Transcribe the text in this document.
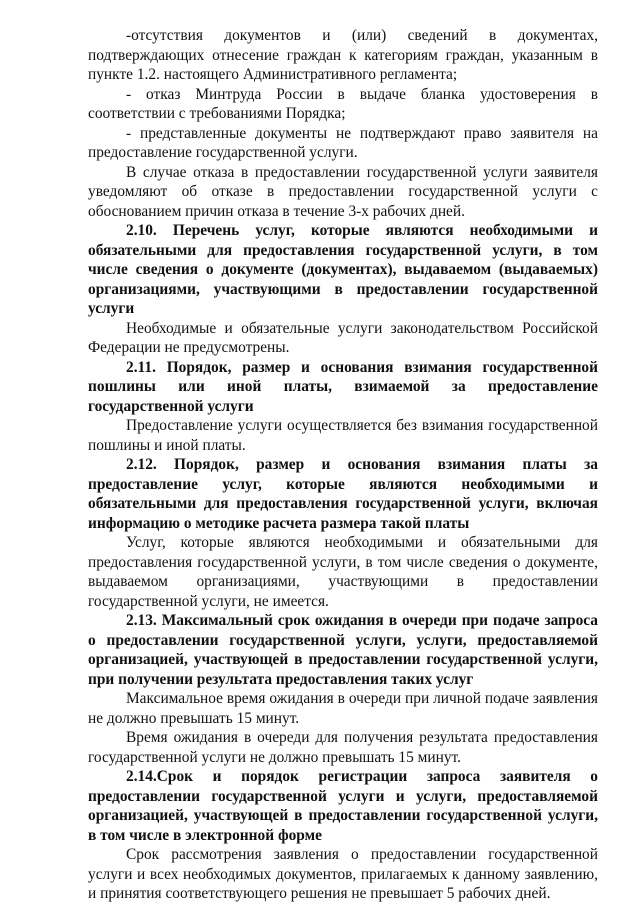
-отсутствия документов и (или) сведений в документах, подтверждающих отнесение граждан к категориям граждан, указанным в пункте 1.2. настоящего Административного регламента;

- отказ Минтруда России в выдаче бланка удостоверения в соответствии с требованиями Порядка;

- представленные документы не подтверждают право заявителя на предоставление государственной услуги.

В случае отказа в предоставлении государственной услуги заявителя уведомляют об отказе в предоставлении государственной услуги с обоснованием причин отказа в течение 3-х рабочих дней.

2.10. Перечень услуг, которые являются необходимыми и обязательными для предоставления государственной услуги, в том числе сведения о документе (документах), выдаваемом (выдаваемых) организациями, участвующими в предоставлении государственной услуги

Необходимые и обязательные услуги законодательством Российской Федерации не предусмотрены.

2.11. Порядок, размер и основания взимания государственной пошлины или иной платы, взимаемой за предоставление государственной услуги

Предоставление услуги осуществляется без взимания государственной пошлины и иной платы.

2.12. Порядок, размер и основания взимания платы за предоставление услуг, которые являются необходимыми и обязательными для предоставления государственной услуги, включая информацию о методике расчета размера такой платы

Услуг, которые являются необходимыми и обязательными для предоставления государственной услуги, в том числе сведения о документе, выдаваемом организациями, участвующими в предоставлении государственной услуги, не имеется.

2.13. Максимальный срок ожидания в очереди при подаче запроса о предоставлении государственной услуги, услуги, предоставляемой организацией, участвующей в предоставлении государственной услуги, при получении результата предоставления таких услуг

Максимальное время ожидания в очереди при личной подаче заявления не должно превышать 15 минут.

Время ожидания в очереди для получения результата предоставления государственной услуги не должно превышать 15 минут.

2.14.Срок и порядок регистрации запроса заявителя о предоставлении государственной услуги и услуги, предоставляемой организацией, участвующей в предоставлении государственной услуги, в том числе в электронной форме

Срок рассмотрения заявления о предоставлении государственной услуги и всех необходимых документов, прилагаемых к данному заявлению, и принятия соответствующего решения не превышает 5 рабочих дней.
